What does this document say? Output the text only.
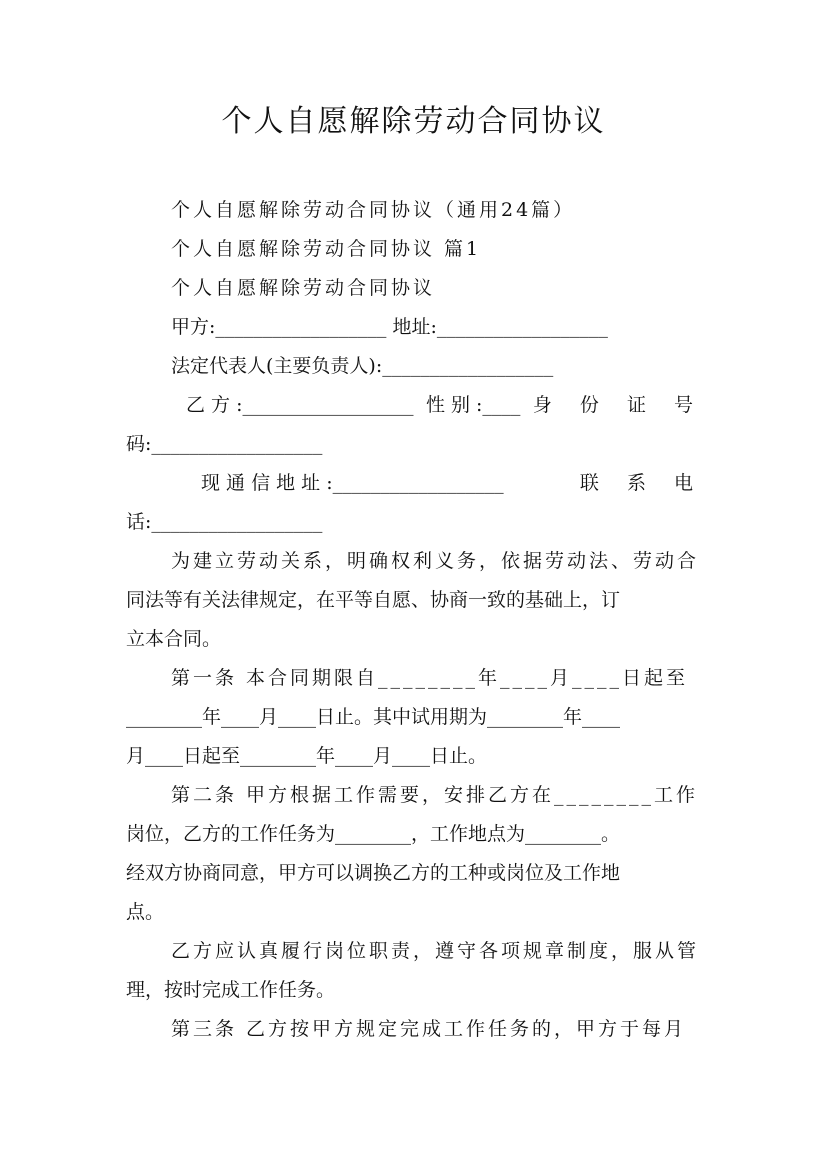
个人自愿解除劳动合同协议
个人自愿解除劳动合同协议（通用24篇）
个人自愿解除劳动合同协议 篇1
个人自愿解除劳动合同协议
甲方:__________________ 地址:__________________
法定代表人(主要负责人):__________________
乙 方 :__________________ 性 别 :____ 身 份 证 号
码:__________________
现 通 信 地 址 :__________________	联 系 电
话:__________________
为建立劳动关系，明确权利义务，依据劳动法、劳动合
同法等有关法律规定，在平等自愿、协商一致的基础上，订
立本合同。
第一条 本合同期限自________年____月____日起至
________年____月____日止。其中试用期为________年____
月____日起至________年____月____日止。
第二条 甲方根据工作需要，安排乙方在________工作
岗位，乙方的工作任务为________，工作地点为________。
经双方协商同意，甲方可以调换乙方的工种或岗位及工作地
点。
乙方应认真履行岗位职责，遵守各项规章制度，服从管
理，按时完成工作任务。
第三条 乙方按甲方规定完成工作任务的，甲方于每月
